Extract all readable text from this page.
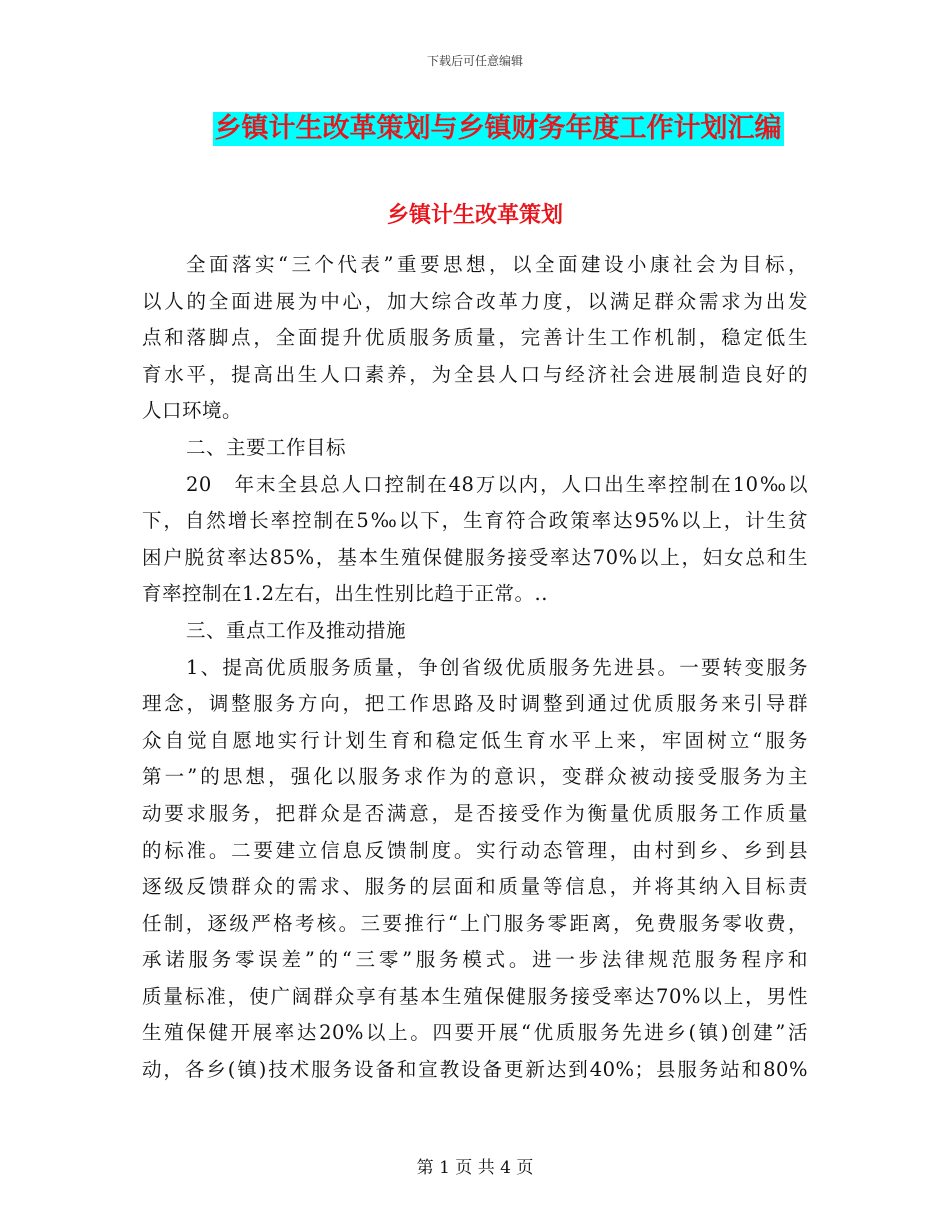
下载后可任意编辑
乡镇计生改革策划与乡镇财务年度工作计划汇编
乡镇计生改革策划
全面落实“三个代表”重要思想，以全面建设小康社会为目标，
以人的全面进展为中心，加大综合改革力度，以满足群众需求为出发
点和落脚点，全面提升优质服务质量，完善计生工作机制，稳定低生
育水平，提高出生人口素养，为全县人口与经济社会进展制造良好的
人口环境。
二、主要工作目标
20　年末全县总人口控制在48万以内，人口出生率控制在10‰以
下，自然增长率控制在5‰以下，生育符合政策率达95%以上，计生贫
困户脱贫率达85%，基本生殖保健服务接受率达70%以上，妇女总和生
育率控制在1.2左右，出生性别比趋于正常。..
三、重点工作及推动措施
1、提高优质服务质量，争创省级优质服务先进县。一要转变服务
理念，调整服务方向，把工作思路及时调整到通过优质服务来引导群
众自觉自愿地实行计划生育和稳定低生育水平上来，牢固树立“服务
第一”的思想，强化以服务求作为的意识，变群众被动接受服务为主
动要求服务，把群众是否满意，是否接受作为衡量优质服务工作质量
的标准。二要建立信息反馈制度。实行动态管理，由村到乡、乡到县
逐级反馈群众的需求、服务的层面和质量等信息，并将其纳入目标责
任制，逐级严格考核。三要推行“上门服务零距离，免费服务零收费，
承诺服务零误差”的“三零”服务模式。进一步法律规范服务程序和
质量标准，使广阔群众享有基本生殖保健服务接受率达70%以上，男性
生殖保健开展率达20%以上。四要开展“优质服务先进乡(镇)创建”活
动，各乡(镇)技术服务设备和宣教设备更新达到40%；县服务站和80%
第 1 页 共 4 页
